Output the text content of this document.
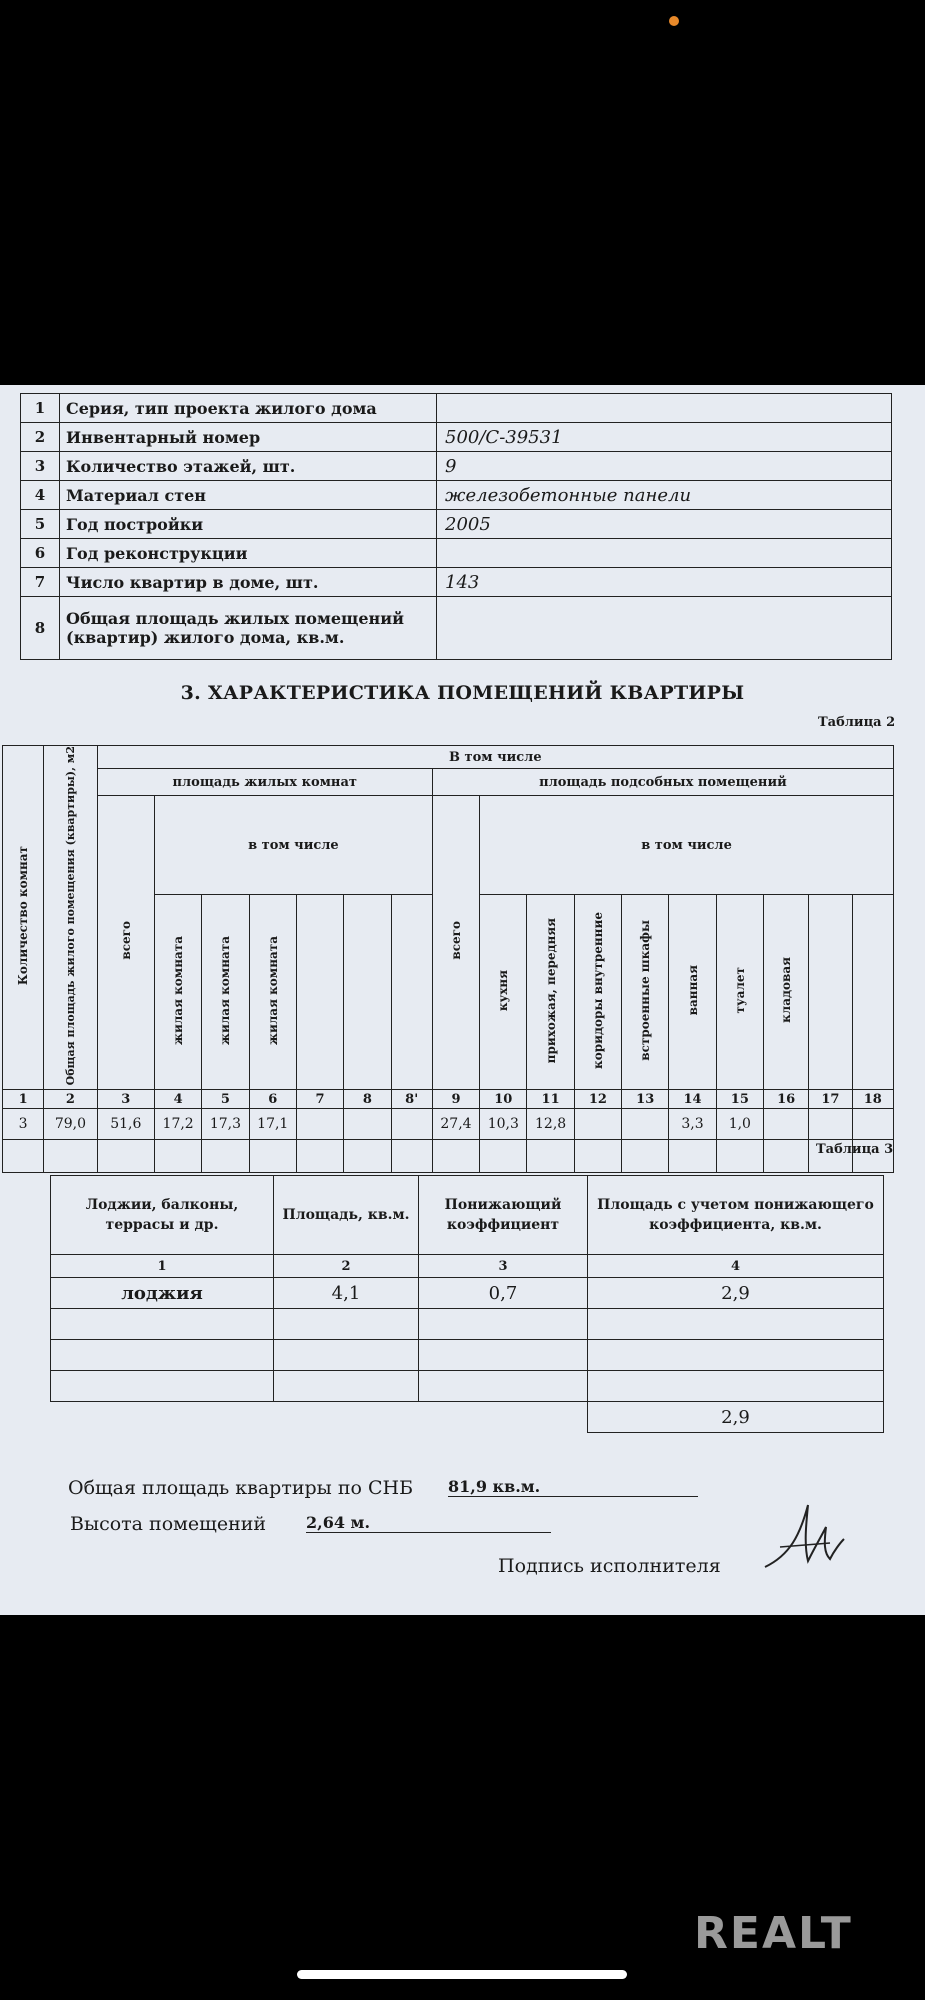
1	Серия, тип проекта жилого дома	
2	Инвентарный номер	500/С-39531
3	Количество этажей, шт.	9
4	Материал стен	железобетонные панели
5	Год постройки	2005
6	Год реконструкции	
7	Число квартир в доме, шт.	143
8	Общая площадь жилых помещений (квартир) жилого дома, кв.м.	
3. ХАРАКТЕРИСТИКА ПОМЕЩЕНИЙ КВАРТИРЫ
Таблица 2
Количество комнат	Общая площадь жилого помещения (квартиры), м2	В том числе																
		площадь жилых комнат							площадь подсобных помещений									
		всего	в том числе						всего	в том числе								
			жилая комната	жилая комната	жилая комната					кухня	прихожая, передняя	коридоры внутренние	встроенные шкафы	ванная	туалет	кладовая		
1	2	3	4	5	6	7	8	8'	9	10	11	12	13	14	15	16	17	18
3	79,0	51,6	17,2	17,3	17,1				27,4	10,3	12,8			3,3	1,0			

Таблица 3
Лоджии, балконы, террасы и др.	Площадь, кв.м.	Понижающий коэффициент	Площадь с учетом понижающего коэффициента, кв.м.
1	2	3	4
лоджия	4,1	0,7	2,9

			2,9
Общая площадь квартиры по СНБ 81,9 кв.м.
Высота помещений 2,64 м.
Подпись исполнителя
REALT
